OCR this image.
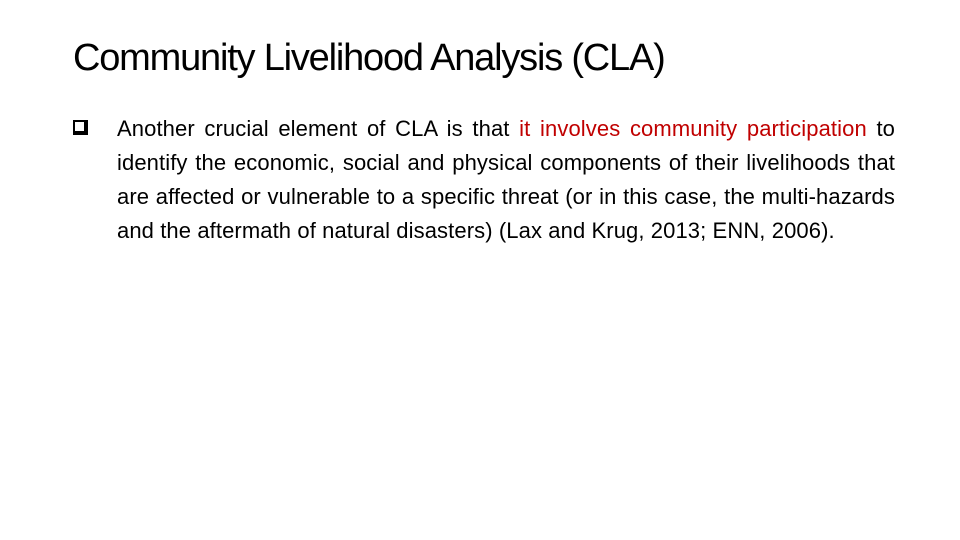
Community Livelihood Analysis (CLA)

Another crucial element of CLA is that it involves community participation to identify the economic, social and physical components of their livelihoods that are affected or vulnerable to a specific threat (or in this case, the multi-hazards and the aftermath of natural disasters) (Lax and Krug, 2013; ENN, 2006).
